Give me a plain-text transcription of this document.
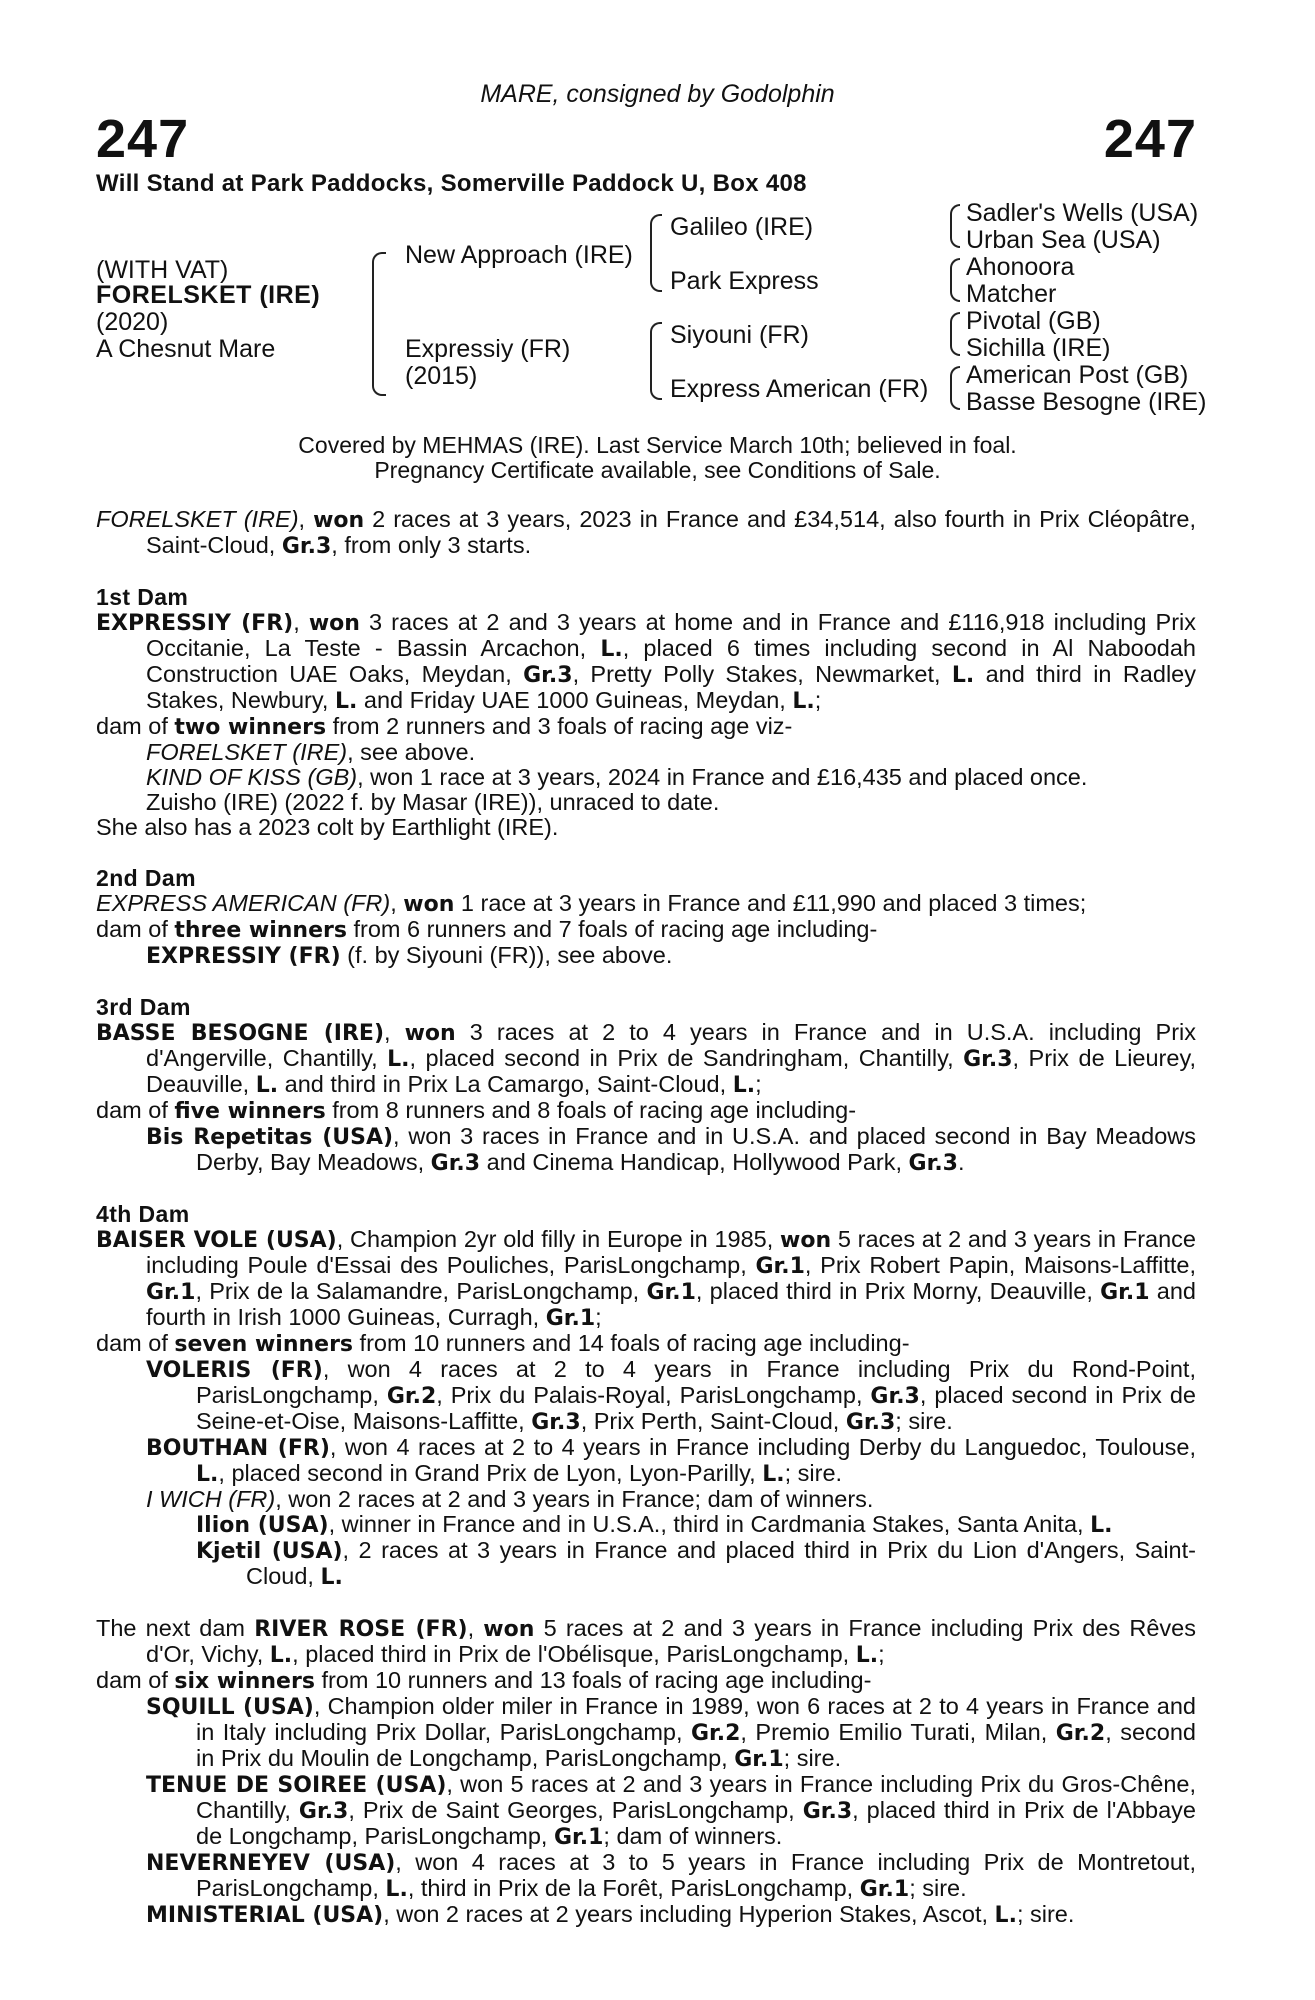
MARE, consigned by Godolphin
247	247
Will Stand at Park Paddocks, Somerville Paddock U, Box 408
(WITH VAT)
FORELSKET (IRE)
(2020)
A Chesnut Mare
New Approach (IRE)
Expressiy (FR)
(2015)
Galileo (IRE)
Park Express
Siyouni (FR)
Express American (FR)
Sadler's Wells (USA)
Urban Sea (USA)
Ahonoora
Matcher
Pivotal (GB)
Sichilla (IRE)
American Post (GB)
Basse Besogne (IRE)
Covered by MEHMAS (IRE). Last Service March 10th; believed in foal.
Pregnancy Certificate available, see Conditions of Sale.

FORELSKET (IRE), won 2 races at 3 years, 2023 in France and £34,514, also fourth in Prix Cléopâtre, Saint-Cloud, Gr.3, from only 3 starts.

1st Dam

EXPRESSIY (FR), won 3 races at 2 and 3 years at home and in France and £116,918 including Prix Occitanie, La Teste - Bassin Arcachon, L., placed 6 times including second in Al Naboodah Construction UAE Oaks, Meydan, Gr.3, Pretty Polly Stakes, Newmarket, L. and third in Radley Stakes, Newbury, L. and Friday UAE 1000 Guineas, Meydan, L.;

dam of two winners from 2 runners and 3 foals of racing age viz-

FORELSKET (IRE), see above.

KIND OF KISS (GB), won 1 race at 3 years, 2024 in France and £16,435 and placed once.

Zuisho (IRE) (2022 f. by Masar (IRE)), unraced to date.

She also has a 2023 colt by Earthlight (IRE).

2nd Dam

EXPRESS AMERICAN (FR), won 1 race at 3 years in France and £11,990 and placed 3 times;

dam of three winners from 6 runners and 7 foals of racing age including-

EXPRESSIY (FR) (f. by Siyouni (FR)), see above.

3rd Dam

BASSE BESOGNE (IRE), won 3 races at 2 to 4 years in France and in U.S.A. including Prix d'Angerville, Chantilly, L., placed second in Prix de Sandringham, Chantilly, Gr.3, Prix de Lieurey, Deauville, L. and third in Prix La Camargo, Saint-Cloud, L.;

dam of five winners from 8 runners and 8 foals of racing age including-

Bis Repetitas (USA), won 3 races in France and in U.S.A. and placed second in Bay Meadows Derby, Bay Meadows, Gr.3 and Cinema Handicap, Hollywood Park, Gr.3.

4th Dam

BAISER VOLE (USA), Champion 2yr old filly in Europe in 1985, won 5 races at 2 and 3 years in France including Poule d'Essai des Pouliches, ParisLongchamp, Gr.1, Prix Robert Papin, Maisons-Laffitte, Gr.1, Prix de la Salamandre, ParisLongchamp, Gr.1, placed third in Prix Morny, Deauville, Gr.1 and fourth in Irish 1000 Guineas, Curragh, Gr.1;

dam of seven winners from 10 runners and 14 foals of racing age including-

VOLERIS (FR), won 4 races at 2 to 4 years in France including Prix du Rond-Point, ParisLongchamp, Gr.2, Prix du Palais-Royal, ParisLongchamp, Gr.3, placed second in Prix de Seine-et-Oise, Maisons-Laffitte, Gr.3, Prix Perth, Saint-Cloud, Gr.3; sire.

BOUTHAN (FR), won 4 races at 2 to 4 years in France including Derby du Languedoc, Toulouse, L., placed second in Grand Prix de Lyon, Lyon-Parilly, L.; sire.

I WICH (FR), won 2 races at 2 and 3 years in France; dam of winners.

Ilion (USA), winner in France and in U.S.A., third in Cardmania Stakes, Santa Anita, L.

Kjetil (USA), 2 races at 3 years in France and placed third in Prix du Lion d'Angers, Saint-Cloud, L.

The next dam RIVER ROSE (FR), won 5 races at 2 and 3 years in France including Prix des Rêves d'Or, Vichy, L., placed third in Prix de l'Obélisque, ParisLongchamp, L.;

dam of six winners from 10 runners and 13 foals of racing age including-

SQUILL (USA), Champion older miler in France in 1989, won 6 races at 2 to 4 years in France and in Italy including Prix Dollar, ParisLongchamp, Gr.2, Premio Emilio Turati, Milan, Gr.2, second in Prix du Moulin de Longchamp, ParisLongchamp, Gr.1; sire.

TENUE DE SOIREE (USA), won 5 races at 2 and 3 years in France including Prix du Gros-Chêne, Chantilly, Gr.3, Prix de Saint Georges, ParisLongchamp, Gr.3, placed third in Prix de l'Abbaye de Longchamp, ParisLongchamp, Gr.1; dam of winners.

NEVERNEYEV (USA), won 4 races at 3 to 5 years in France including Prix de Montretout, ParisLongchamp, L., third in Prix de la Forêt, ParisLongchamp, Gr.1; sire.

MINISTERIAL (USA), won 2 races at 2 years including Hyperion Stakes, Ascot, L.; sire.
